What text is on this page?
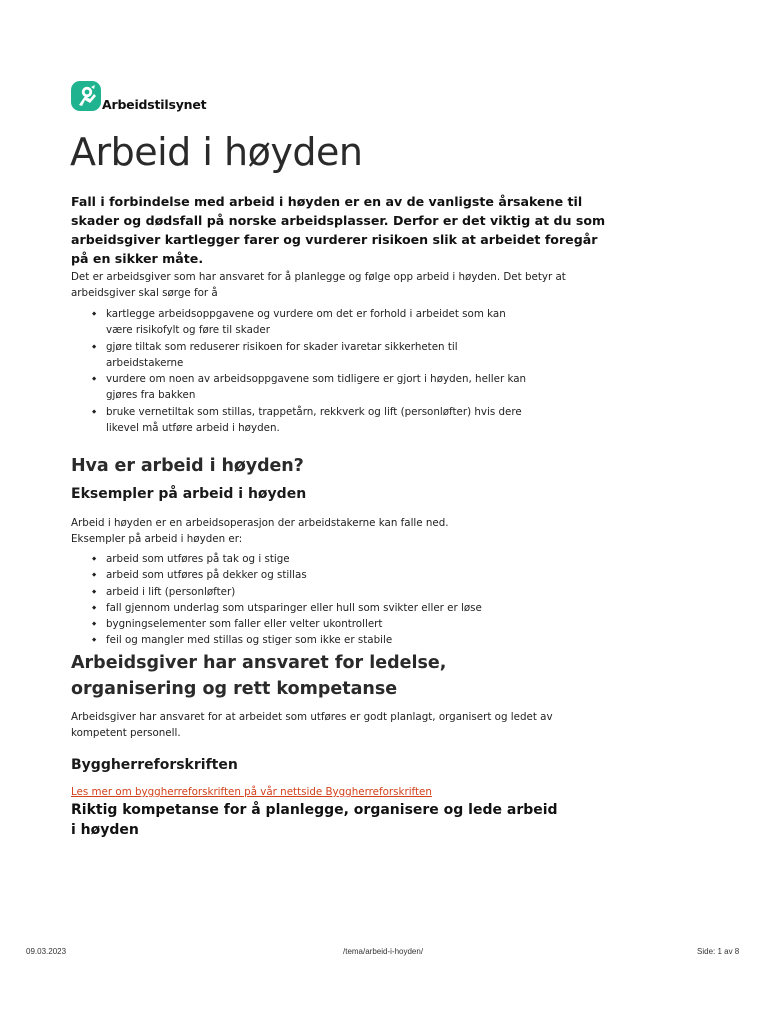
Arbeidstilsynet
Arbeid i høyden

Fall i forbindelse med arbeid i høyden er en av de vanligste årsakene til skader og dødsfall på norske arbeidsplasser. Derfor er det viktig at du som arbeidsgiver kartlegger farer og vurderer risikoen slik at arbeidet foregår på en sikker måte.

Det er arbeidsgiver som har ansvaret for å planlegge og følge opp arbeid i høyden. Det betyr at arbeidsgiver skal sørge for å

◆ kartlegge arbeidsoppgavene og vurdere om det er forhold i arbeidet som kan være risikofylt og føre til skader
◆ gjøre tiltak som reduserer risikoen for skader ivaretar sikkerheten til arbeidstakerne
◆ vurdere om noen av arbeidsoppgavene som tidligere er gjort i høyden, heller kan gjøres fra bakken
◆ bruke vernetiltak som stillas, trappetårn, rekkverk og lift (personløfter) hvis dere likevel må utføre arbeid i høyden.
Hva er arbeid i høyden?
Eksempler på arbeid i høyden

Arbeid i høyden er en arbeidsoperasjon der arbeidstakerne kan falle ned.

Eksempler på arbeid i høyden er:

◆ arbeid som utføres på tak og i stige
◆ arbeid som utføres på dekker og stillas
◆ arbeid i lift (personløfter)
◆ fall gjennom underlag som utsparinger eller hull som svikter eller er løse
◆ bygningselementer som faller eller velter ukontrollert
◆ feil og mangler med stillas og stiger som ikke er stabile
Arbeidsgiver har ansvaret for ledelse, organisering og rett kompetanse

Arbeidsgiver har ansvaret for at arbeidet som utføres er godt planlagt, organisert og ledet av kompetent personell.

Byggherreforskriften
Les mer om byggherreforskriften på vår nettside Byggherreforskriften
Riktig kompetanse for å planlegge, organisere og lede arbeid i høyden
09.03.2023	/tema/arbeid-i-hoyden/	Side: 1 av 8
